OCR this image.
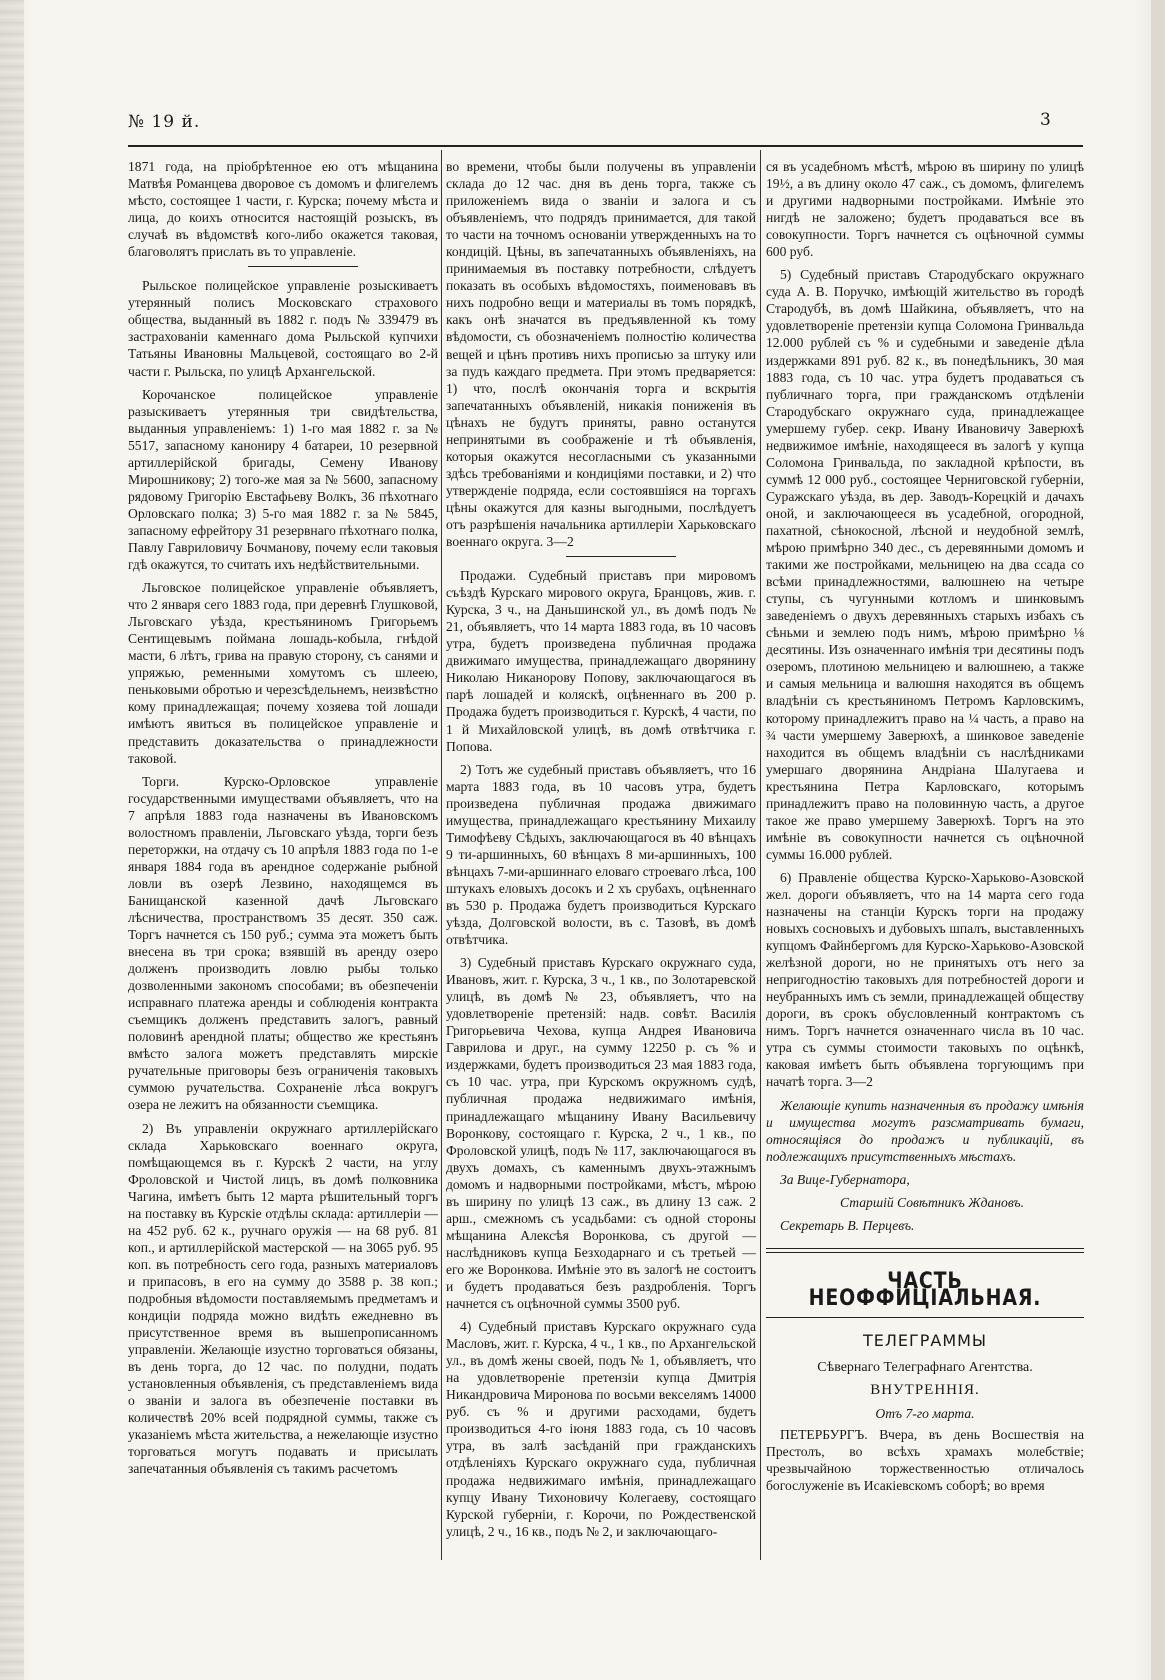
№ 19 й.	3

1871 года, на пріобрѣтенное ею отъ мѣщанина Матвѣя Романцева дворовое съ домомъ и флигелемъ мѣсто, состоящее 1 части, г. Курска; почему мѣста и лица, до коихъ относится настоящій розыскъ, въ случаѣ въ вѣдомствѣ кого-либо окажется таковая, благоволятъ прислать въ то управленіе.

Рыльское полицейское управленіе розыскиваетъ утерянный полисъ Московскаго страхового общества, выданный въ 1882 г. подъ № 339479 въ застрахованіи каменнаго дома Рыльской купчихи Татьяны Ивановны Мальцевой, состоящаго во 2-й части г. Рыльска, по улицѣ Архангельской.

Корочанское полицейское управленіе разыскиваетъ утерянныя три свидѣтельства, выданныя управленіемъ: 1) 1-го мая 1882 г. за № 5517, запасному канониру 4 батареи, 10 резервной артиллерійской бригады, Семену Иванову Мирошникову; 2) того-же мая за № 5600, запасному рядовому Григорію Евстафьеву Волкъ, 36 пѣхотнаго Орловскаго полка; 3) 5-го мая 1882 г. за № 5845, запасному ефрейтору 31 резервнаго пѣхотнаго полка, Павлу Гавриловичу Бочманову, почему если таковыя гдѣ окажутся, то считать ихъ недѣйствительными.

Льговское полицейское управленіе объявляетъ, что 2 января сего 1883 года, при деревнѣ Глушковой, Льговскаго уѣзда, крестьяниномъ Григорьемъ Сентищевымъ поймана лошадь-кобыла, гнѣдой масти, 6 лѣтъ, грива на правую сторону, съ санями и упряжью, ременными хомутомъ съ шлеею, пеньковыми обротью и черезсѣдельнемъ, неизвѣстно кому принадлежащая; почему хозяева той лошади имѣютъ явиться въ полицейское управленіе и представить доказательства о принадлежности таковой.

Торги. Курско-Орловское управленіе государственными имуществами объявляетъ, что на 7 апрѣля 1883 года назначены въ Ивановскомъ волостномъ правленіи, Льговскаго уѣзда, торги безъ переторжки, на отдачу съ 10 апрѣля 1883 года по 1-е января 1884 года въ арендное содержаніе рыбной ловли въ озерѣ Лезвино, находящемся въ Банищанской казенной дачѣ Льговскаго лѣсничества, пространствомъ 35 десят. 350 саж. Торгъ начнется съ 150 руб.; сумма эта можетъ быть внесена въ три срока; взявшій въ аренду озеро долженъ производить ловлю рыбы только дозволенными закономъ способами; въ обезпеченіи исправнаго платежа аренды и соблюденія контракта съемщикъ долженъ представить залогъ, равный половинѣ арендной платы; общество же крестьянъ вмѣсто залога можетъ представлять мирскіе ручательные приговоры безъ ограниченія таковыхъ суммою ручательства. Сохраненіе лѣса вокругъ озера не лежитъ на обязанности съемщика.

2) Въ управленіи окружнаго артиллерійскаго склада Харьковскаго военнаго округа, помѣщающемся въ г. Курскѣ 2 части, на углу Фроловской и Чистой лицъ, въ домѣ полковника Чагина, имѣетъ быть 12 марта рѣшительный торгъ на поставку въ Курскіе отдѣлы склада: артиллеріи — на 452 руб. 62 к., ручнаго оружія — на 68 руб. 81 коп., и артиллерійской мастерской — на 3065 руб. 95 коп. въ потребность сего года, разныхъ материаловъ и припасовъ, в его на сумму до 3588 р. 38 коп.; подробныя вѣдомости поставляемымъ предметамъ и кондиціи подряда можно видѣть ежедневно въ присутственное время въ вышепрописанномъ управленіи. Желающіе изустно торговаться обязаны, въ день торга, до 12 час. по полудни, подать установленныя объявленія, съ представленіемъ вида о званіи и залога въ обезпеченіе поставки въ количествѣ 20% всей подрядной суммы, также съ указаніемъ мѣста жительства, а нежелающіе изустно торговаться могутъ подавать и присылать запечатанныя объявленія съ такимъ расчетомъ

во времени, чтобы были получены въ управленіи склада до 12 час. дня въ день торга, также съ приложеніемъ вида о званіи и залога и съ объявленіемъ, что подрядъ принимается, для такой то части на точномъ основаніи утвержденныхъ на то кондицій. Цѣны, въ запечатанныхъ объявленіяхъ, на принимаемыя въ поставку потребности, слѣдуетъ показать въ особыхъ вѣдомостяхъ, поименовавъ въ нихъ подробно вещи и материалы въ томъ порядкѣ, какъ онѣ значатся въ предъявленной къ тому вѣдомости, съ обозначеніемъ полностію количества вещей и цѣнъ противъ нихъ прописью за штуку или за пудъ каждаго предмета. При этомъ предваряется: 1) что, послѣ окончанія торга и вскрытія запечатанныхъ объявленій, никакія пониженія въ цѣнахъ не будутъ приняты, равно останутся непринятыми въ соображеніе и тѣ объявленія, которыя окажутся несогласными съ указанными здѣсь требованіями и кондиціями поставки, и 2) что утвержденіе подряда, если состоявшіяся на торгахъ цѣны окажутся для казны выгодными, послѣдуетъ отъ разрѣшенія начальника артиллеріи Харьковскаго военнаго округа. 3—2

Продажи. Судебный приставъ при мировомъ съѣздѣ Курскаго мирового округа, Бранцовъ, жив. г. Курска, 3 ч., на Даньшинской ул., въ домѣ подъ № 21, объявляетъ, что 14 марта 1883 года, въ 10 часовъ утра, будетъ произведена публичная продажа движимаго имущества, принадлежащаго дворянину Николаю Никанорову Попову, заключающагося въ парѣ лошадей и коляскѣ, оцѣненнаго въ 200 р. Продажа будетъ производиться г. Курскѣ, 4 части, по 1 й Михайловской улицѣ, въ домѣ отвѣтчика г. Попова.

2) Тотъ же судебный приставъ объявляетъ, что 16 марта 1883 года, въ 10 часовъ утра, будетъ произведена публичная продажа движимаго имущества, принадлежащаго крестьянину Михаилу Тимофѣеву Сѣдыхъ, заключающагося въ 40 вѣнцахъ 9 ти-аршинныхъ, 60 вѣнцахъ 8 ми-аршинныхъ, 100 вѣнцахъ 7-ми-аршиннаго еловаго строеваго лѣса, 100 штукахъ еловыхъ досокъ и 2 хъ срубахъ, оцѣненнаго въ 530 р. Продажа будетъ производиться Курскаго уѣзда, Долговской волости, въ с. Тазовѣ, въ домѣ отвѣтчика.

3) Судебный приставъ Курскаго окружнаго суда, Ивановъ, жит. г. Курска, 3 ч., 1 кв., по Золотаревской улицѣ, въ домѣ № 23, объявляетъ, что на удовлетвореніе претензій: надв. совѣт. Василія Григорьевича Чехова, купца Андрея Ивановича Гаврилова и друг., на сумму 12250 р. съ % и издержками, будетъ производиться 23 мая 1883 года, съ 10 час. утра, при Курскомъ окружномъ судѣ, публичная продажа недвижимаго имѣнія, принадлежащаго мѣщанину Ивану Васильевичу Воронкову, состоящаго г. Курска, 2 ч., 1 кв., по Фроловской улицѣ, подъ № 117, заключающагося въ двухъ домахъ, съ каменнымъ двухъ-этажнымъ домомъ и надворными постройками, мѣстъ, мѣрою въ ширину по улицѣ 13 саж., въ длину 13 саж. 2 арш., смежномъ съ усадьбами: съ одной стороны мѣщанина Алексѣя Воронкова, съ другой — наслѣдниковъ купца Безходарнаго и съ третьей — его же Воронкова. Имѣніе это въ залогѣ не состоитъ и будетъ продаваться безъ раздробленія. Торгъ начнется съ оцѣночной суммы 3500 руб.

4) Судебный приставъ Курскаго окружнаго суда Масловъ, жит. г. Курска, 4 ч., 1 кв., по Архангельской ул., въ домѣ жены своей, подъ № 1, объявляетъ, что на удовлетвореніе претензіи купца Дмитрія Никандровича Миронова по восьми векселямъ 14000 руб. съ % и другими расходами, будетъ производиться 4-го іюня 1883 года, съ 10 часовъ утра, въ залѣ засѣданій при гражданскихъ отдѣленіяхъ Курскаго окружнаго суда, публичная продажа недвижимаго имѣнія, принадлежащаго купцу Ивану Тихоновичу Колегаеву, состоящаго Курской губерніи, г. Корочи, по Рождественской улицѣ, 2 ч., 16 кв., подъ № 2, и заключающаго-

ся въ усадебномъ мѣстѣ, мѣрою въ ширину по улицѣ 19½, а въ длину около 47 саж., съ домомъ, флигелемъ и другими надворными постройками. Имѣніе это нигдѣ не заложено; будетъ продаваться все въ совокупности. Торгъ начнется съ оцѣночной суммы 600 руб.

5) Судебный приставъ Стародубскаго окружнаго суда А. В. Поручко, имѣющій жительство въ городѣ Стародубѣ, въ домѣ Шайкина, объявляетъ, что на удовлетвореніе претензіи купца Соломона Гринвальда 12.000 рублей съ % и судебными и заведеніе дѣла издержками 891 руб. 82 к., въ понедѣльникъ, 30 мая 1883 года, съ 10 час. утра будетъ продаваться съ публичнаго торга, при гражданскомъ отдѣленіи Стародубскаго окружнаго суда, принадлежащее умершему губер. секр. Ивану Ивановичу Заверюхѣ недвижимое имѣніе, находящееся въ залогѣ у купца Соломона Гринвальда, по закладной крѣпости, въ суммѣ 12 000 руб., состоящее Черниговской губерніи, Суражскаго уѣзда, въ дер. Заводъ-Корецкій и дачахъ оной, и заключающееся въ усадебной, огородной, пахатной, сѣнокосной, лѣсной и неудобной землѣ, мѣрою примѣрно 340 дес., съ деревянными домомъ и такими же постройками, мельницею на два ссада со всѣми принадлежностями, валюшнею на четыре ступы, съ чугунными котломъ и шинковымъ заведеніемъ о двухъ деревянныхъ старыхъ избахъ съ сѣньми и землею подъ нимъ, мѣрою примѣрно ⅛ десятины. Изъ означеннаго имѣнія три десятины подъ озеромъ, плотиною мельницею и валюшнею, а также и самыя мельница и валюшня находятся въ общемъ владѣніи съ крестьяниномъ Петромъ Карловскимъ, которому принадлежитъ право на ¼ часть, а право на ¾ части умершему Заверюхѣ, а шинковое заведеніе находится въ общемъ владѣніи съ наслѣдниками умершаго дворянина Андріана Шалугаева и крестьянина Петра Карловскаго, которымъ принадлежитъ право на половинную часть, а другое такое же право умершему Заверюхѣ. Торгъ на это имѣніе въ совокупности начнется съ оцѣночной суммы 16.000 рублей.

6) Правленіе общества Курско-Харьково-Азовской жел. дороги объявляетъ, что на 14 марта сего года назначены на станціи Курскъ торги на продажу новыхъ сосновыхъ и дубовыхъ шпалъ, выставленныхъ купцомъ Файнбергомъ для Курско-Харьково-Азовской желѣзной дороги, но не принятыхъ отъ него за непригодностію таковыхъ для потребностей дороги и неубранныхъ имъ съ земли, принадлежащей обществу дороги, въ срокъ обусловленный контрактомъ съ нимъ. Торгъ начнется означеннаго числа въ 10 час. утра съ суммы стоимости таковыхъ по оцѣнкѣ, каковая имѣетъ быть объявлена торгующимъ при начатѣ торга. 3—2

Желающіе купить назначенныя въ продажу имѣнія и имущества могутъ разсматривать бумаги, относящіяся до продажъ и публикацій, въ подлежащихъ присутственныхъ мѣстахъ.

За Вице-Губернатора,

Старшій Совѣтникъ Ждановъ.

Секретарь В. Перцевъ.

ЧАСТЬ НЕОФФИЦІАЛЬНАЯ.
ТЕЛЕГРАММЫ
Сѣвернаго Телеграфнаго Агентства.
ВНУТРЕННІЯ.
Отъ 7-го марта.

ПЕТЕРБУРГЪ. Вчера, въ день Восшествія на Престолъ, во всѣхъ храмахъ молебствіе; чрезвычайною торжественностью отличалось богослуженіе въ Исакіевскомъ соборѣ; во время
